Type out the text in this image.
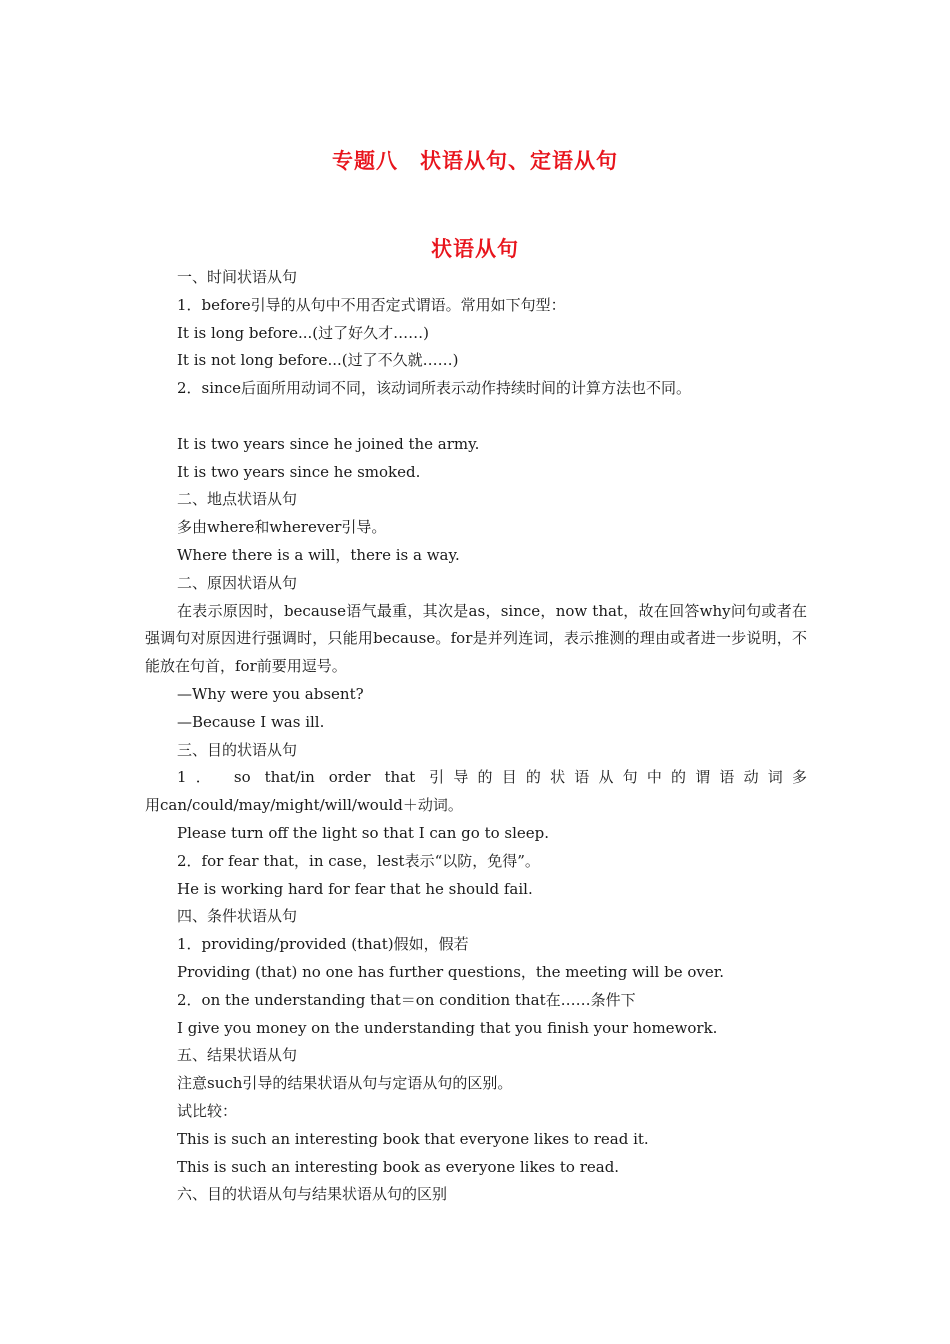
专题八　状语从句、定语从句
状语从句
一、时间状语从句
1．before引导的从句中不用否定式谓语。常用如下句型：
It is long before...(过了好久才……)
It is not long before...(过了不久就……)
2．since后面所用动词不同，该动词所表示动作持续时间的计算方法也不同。
It is two years since he joined the army.
It is two years since he smoked.
二、地点状语从句
多由where和wherever引导。
Where there is a will，there is a way.
二、原因状语从句
在表示原因时，because语气最重，其次是as，since，now that，故在回答why问句或者在强调句对原因进行强调时，只能用because。for是并列连词，表示推测的理由或者进一步说明，不能放在句首，for前要用逗号。
—Why were you absent?
—Because I was ill.
三、目的状语从句
1． so that/in order that 引导的目的状语从句中的谓语动词多
用can/could/may/might/will/would＋动词。
Please turn off the light so that I can go to sleep.
2．for fear that，in case，lest表示“以防，免得”。
He is working hard for fear that he should fail.
四、条件状语从句
1．providing/provided (that)假如，假若
Providing (that) no one has further questions，the meeting will be over.
2．on the understanding that＝on condition that在……条件下
I give you money on the understanding that you finish your homework.
五、结果状语从句
注意such引导的结果状语从句与定语从句的区别。
试比较：
This is such an interesting book that everyone likes to read it.
This is such an interesting book as everyone likes to read.
六、目的状语从句与结果状语从句的区别
